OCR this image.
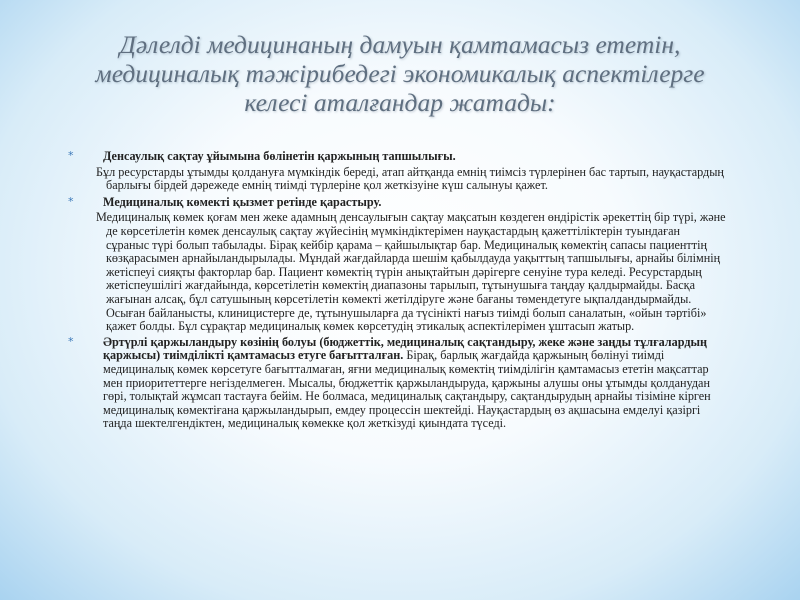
Дәлелді медицинаның дамуын қамтамасыз ететін,
медициналық тәжірибедегі экономикалық аспектілерге
келесі аталғандар жатады:
* Денсаулық сақтау ұйымына бөлінетін қаржының тапшылығы.
Бұл ресурстарды ұтымды қолдануға мүмкіндік береді, атап айтқанда емнің тиімсіз түрлерінен бас тартып, науқастардың барлығы бірдей дәрежеде емнің тиімді түрлеріне қол жеткізуіне күш салынуы қажет.
* Медициналық көмекті қызмет ретінде қарастыру.
Медициналық көмек қоғам мен жеке адамның денсаулығын сақтау мақсатын көздеген өндірістік әрекеттің бір түрі, және де көрсетілетін көмек денсаулық сақтау жүйесінің мүмкіндіктерімен науқастардың қажеттіліктерін туындаған сұраныс түрі болып табылады. Бірақ кейбір қарама – қайшылықтар бар. Медициналық көмектің сапасы пациенттің көзқарасымен арнайыландырылады. Мұндай жағдайларда шешім қабылдауда уақыттың тапшылығы, арнайы білімнің жетіспеуі сияқты факторлар бар. Пациент көмектің түрін анықтайтын дәрігерге сенуіне тура келеді. Ресурстардың жетіспеушілігі жағдайында, көрсетілетін көмектің диапазоны тарылып, тұтынушыға таңдау қалдырмайды. Басқа жағынан алсақ, бұл сатушының көрсетілетін көмекті жетілдіруге және бағаны төмендетуге ықпалдандырмайды. Осыған байланысты, клиницистерге де, тұтынушыларға да түсінікті нағыз тиімді болып саналатын, «ойын тәртібі» қажет болды. Бұл сұрақтар медициналық көмек көрсетудің этикалық аспектілерімен ұштасып жатыр.
* Әртүрлі қаржыландыру көзінің болуы (бюджеттік, медициналық сақтандыру, жеке және заңды тұлғалардың қаржысы) тиімділікті қамтамасыз етуге бағытталған. Бірақ, барлық жағдайда қаржының бөлінуі тиімді медициналық көмек көрсетуге бағытталмаған, яғни медициналық көмектің тиімділігін қамтамасыз ететін мақсаттар мен приоритеттерге негізделмеген. Мысалы, бюджеттік қаржыландыруда, қаржыны алушы оны ұтымды қолданудан гөрі, толықтай жұмсап тастауға бейім. Не болмаса, медициналық сақтандыру, сақтандырудың арнайы тізіміне кірген медициналық көмектіғана қаржыландырып, емдеу процессін шектейді. Науқастардың өз ақшасына емделуі қазіргі таңда шектелгендіктен, медициналық көмекке қол жеткізуді қиындата түседі.
